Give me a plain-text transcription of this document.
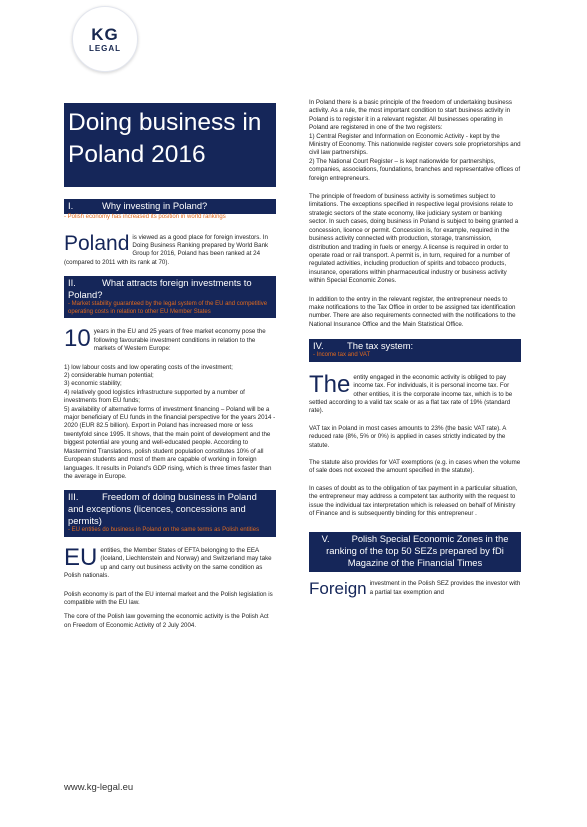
KG
LEGAL
Doing business in Poland 2016
I.	Why investing in Poland?
- Polish economy has increased its position in world rankings
Poland is viewed as a good place for foreign investors. In Doing Business Ranking prepared by World Bank Group for 2016, Poland has been ranked at 24 (compared to 2011 with its rank at 70).
II.	What attracts foreign investments to Poland?
- Market stability guaranteed by the legal system of the EU and competitive operating costs in relation to other EU Member States
10 years in the EU and 25 years of free market economy pose the following favourable investment conditions in relation to the markets of Western Europe:

1) low labour costs and low operating costs of the investment;
2) considerable human potential;
3) economic stability;
4) relatively good logistics infrastructure supported by a number of investments from EU funds;
5) availability of alternative forms of investment financing – Poland will be a major beneficiary of EU funds in the financial perspective for the years 2014 - 2020 (EUR 82.5 billion). Export in Poland has increased more or less twentyfold since 1995. It shows, that the main point of development and the biggest potential are young and well-educated people. According to Mastermind Translations, polish student population constitutes 10% of all European students and most of them are capable of working in foreign languages. It results in Poland's GDP rising, which is three times faster than the average in Europe.

III.	Freedom of doing business in Poland and exceptions (licences, concessions and permits)
- EU entities do business in Poland on the same terms as Polish entities
EU entities, the Member States of EFTA belonging to the EEA (Iceland, Liechtenstein and Norway) and Switzerland may take up and carry out business activity on the same condition as Polish nationals.

Polish economy is part of the EU internal market and the Polish legislation is compatible with the EU law.

The core of the Polish law governing the economic activity is the Polish Act on Freedom of Economic Activity of 2 July 2004.

In Poland there is a basic principle of the freedom of undertaking business activity. As a rule, the most important condition to start business activity in Poland is to register it in a relevant register. All businesses operating in Poland are registered in one of the two registers:
1) Central Register and Information on Economic Activity - kept by the Ministry of Economy. This nationwide register covers sole proprietorships and civil law partnerships.
2) The National Court Register – is kept nationwide for partnerships, companies, associations, foundations, branches and representative offices of foreign entrepreneurs.

The principle of freedom of business activity is sometimes subject to limitations. The exceptions specified in respective legal provisions relate to strategic sectors of the state economy, like judiciary system or banking sector. In such cases, doing business in Poland is subject to being granted a concession, licence or permit. Concession is, for example, required in the business activity connected with production, storage, transmission, distribution and trading in fuels or energy. A license is required in order to operate road or rail transport. A permit is, in turn, required for a number of regulated activities, including production of spirits and tobacco products, insurance, operations within pharmaceutical industry or business activity within Special Economic Zones.

In addition to the entry in the relevant register, the entrepreneur needs to make notifications to the Tax Office in order to be assigned tax identification number. There are also requirements connected with the notifications to the National Insurance Office and the Main Statistical Office.

IV. The tax system:
- Income tax and VAT
The entity engaged in the economic activity is obliged to pay income tax. For individuals, it is personal income tax. For other entities, it is the corporate income tax, which is to be settled according to a valid tax scale or as a flat tax rate of 19% (standard rate).

VAT tax in Poland in most cases amounts to 23% (the basic VAT rate). A reduced rate (8%, 5% or 0%) is applied in cases strictly indicated by the statute.

The statute also provides for VAT exemptions (e.g. in cases when the volume of sale does not exceed the amount specified in the statute).

In cases of doubt as to the obligation of tax payment in a particular situation, the entrepreneur may address a competent tax authority with the request to issue the individual tax interpretation which is released on behalf of Ministry of Finance and is subsequently binding for this entrepreneur .

V. Polish Special Economic Zones in the ranking of the top 50 SEZs prepared by fDi Magazine of the Financial Times
Foreign investment in the Polish SEZ provides the investor with a partial tax exemption and
www.kg-legal.eu
